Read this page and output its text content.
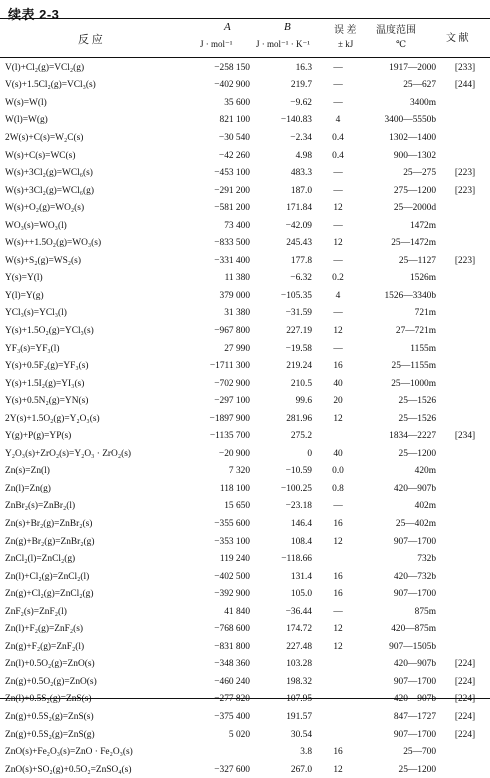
续表 2-3
反 应
A
J · mol⁻¹
B
J · mol⁻¹ · K⁻¹
误 差
± kJ
温度范围
℃	文 献
V(l)+Cl₂(g)=VCl₂(g)	−258 150	16.3	—	1917—2000	[233]
V(s)+1.5Cl₂(g)=VCl₃(s)	−402 900	219.7	—	25—627	[244]
W(s)=W(l)	35 600	−9.62	—	3400m	
W(l)=W(g)	821 100	−140.83	4	3400—5550b	
2W(s)+C(s)=W₂C(s)	−30 540	−2.34	0.4	1302—1400	
W(s)+C(s)=WC(s)	−42 260	4.98	0.4	900—1302	
W(s)+3Cl₂(g)=WCl₆(s)	−453 100	483.3	—	25—275	[223]
W(s)+3Cl₂(g)=WCl₆(g)	−291 200	187.0	—	275—1200	[223]
W(s)+O₂(g)=WO₂(s)	−581 200	171.84	12	25—2000d	
WO₃(s)=WO₃(l)	73 400	−42.09	—	1472m	
W(s)++1.5O₂(g)=WO₃(s)	−833 500	245.43	12	25—1472m	
W(s)+S₂(g)=WS₂(s)	−331 400	177.8	—	25—1127	[223]
Y(s)=Y(l)	11 380	−6.32	0.2	1526m	
Y(l)=Y(g)	379 000	−105.35	4	1526—3340b	
YCl₃(s)=YCl₃(l)	31 380	−31.59	—	721m	
Y(s)+1.5O₂(g)=YCl₃(s)	−967 800	227.19	12	27—721m	
YF₃(s)=YF₃(l)	27 990	−19.58	—	1155m	
Y(s)+0.5F₂(g)=YF₃(s)	−1711 300	219.24	16	25—1155m	
Y(s)+1.5I₂(g)=YI₃(s)	−702 900	210.5	40	25—1000m	
Y(s)+0.5N₂(g)=YN(s)	−297 100	99.6	20	25—1526	
2Y(s)+1.5O₂(g)=Y₂O₃(s)	−1897 900	281.96	12	25—1526	
Y(g)+P(g)=YP(s)	−1135 700	275.2		1834—2227	[234]
Y₂O₃(s)+ZrO₂(s)=Y₂O₃ · ZrO₂(s)	−20 900	0	40	25—1200	
Zn(s)=Zn(l)	7 320	−10.59	0.0	420m	
Zn(l)=Zn(g)	118 100	−100.25	0.8	420—907b	
ZnBr₂(s)=ZnBr₂(l)	15 650	−23.18	—	402m	
Zn(s)+Br₂(g)=ZnBr₂(s)	−355 600	146.4	16	25—402m	
Zn(g)+Br₂(g)=ZnBr₂(g)	−353 100	108.4	12	907—1700	
ZnCl₂(l)=ZnCl₂(g)	119 240	−118.66		732b	
Zn(l)+Cl₂(g)=ZnCl₂(l)	−402 500	131.4	16	420—732b	
Zn(g)+Cl₂(g)=ZnCl₂(g)	−392 900	105.0	16	907—1700	
ZnF₂(s)=ZnF₂(l)	41 840	−36.44	—	875m	
Zn(l)+F₂(g)=ZnF₂(s)	−768 600	174.72	12	420—875m	
Zn(g)+F₂(g)=ZnF₂(l)	−831 800	227.48	12	907—1505b	
Zn(l)+0.5O₂(g)=ZnO(s)	−348 360	103.28		420—907b	[224]
Zn(g)+0.5O₂(g)=ZnO(s)	−460 240	198.32		907—1700	[224]
Zn(l)+0.5S₂(g)=ZnS(s)	−277 820	107.95		420—907b	[224]
Zn(g)+0.5S₂(g)=ZnS(s)	−375 400	191.57		847—1727	[224]
Zn(g)+0.5S₂(g)=ZnS(g)	5 020	30.54		907—1700	[224]
ZnO(s)+Fe₂O₃(s)=ZnO · Fe₂O₃(s)		3.8	16	25—700	
ZnO(s)+SO₂(g)+0.5O₂=ZnSO₄(s)	−327 600	267.0	12	25—1200	
